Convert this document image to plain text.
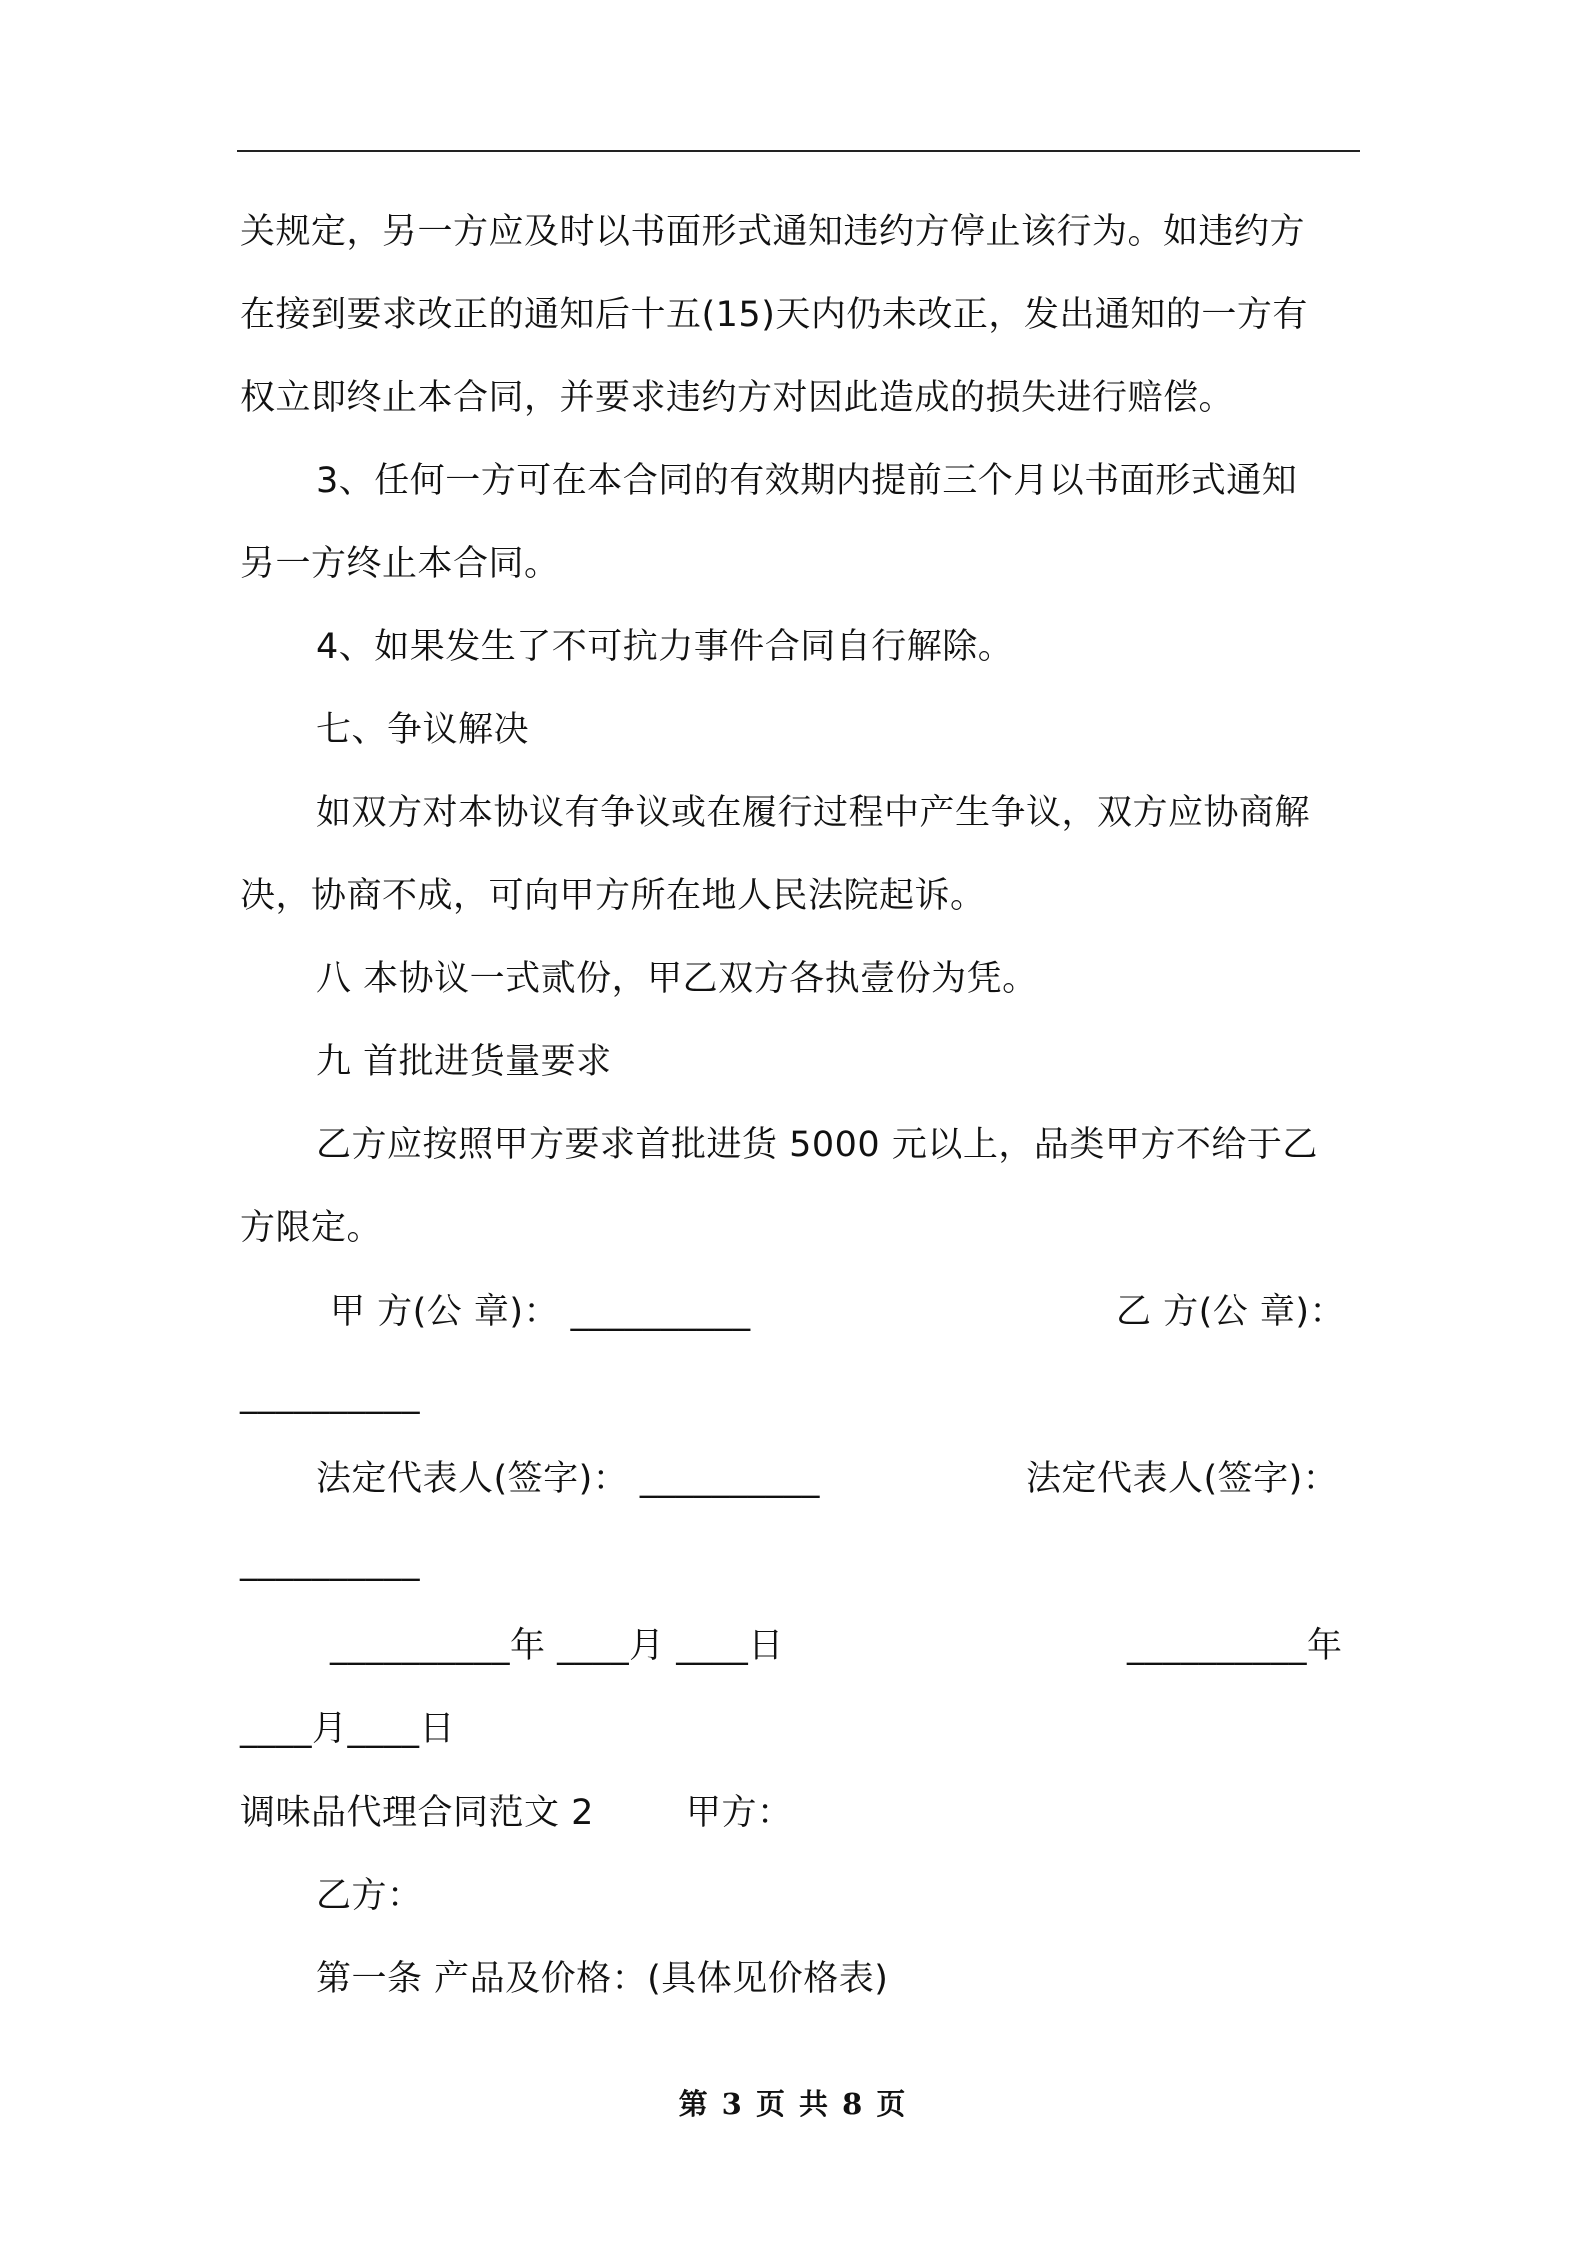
关规定，另一方应及时以书面形式通知违约方停止该行为。如违约方
在接到要求改正的通知后十五(15)天内仍未改正，发出通知的一方有
权立即终止本合同，并要求违约方对因此造成的损失进行赔偿。
3、任何一方可在本合同的有效期内提前三个月以书面形式通知
另一方终止本合同。
4、如果发生了不可抗力事件合同自行解除。
七、争议解决
如双方对本协议有争议或在履行过程中产生争议，双方应协商解
决，协商不成，可向甲方所在地人民法院起诉。
八 本协议一式贰份，甲乙双方各执壹份为凭。
九 首批进货量要求
乙方应按照甲方要求首批进货 5000 元以上，品类甲方不给于乙
方限定。
甲 方(公 章)： __________	乙 方(公 章)：
__________
法定代表人(签字)： __________	法定代表人(签字)：
__________
__________年 ____月 ____日	__________年
____月____日
调味品代理合同范文 2	甲方：
乙方：
第一条 产品及价格：(具体见价格表)
第 3 页 共 8 页
